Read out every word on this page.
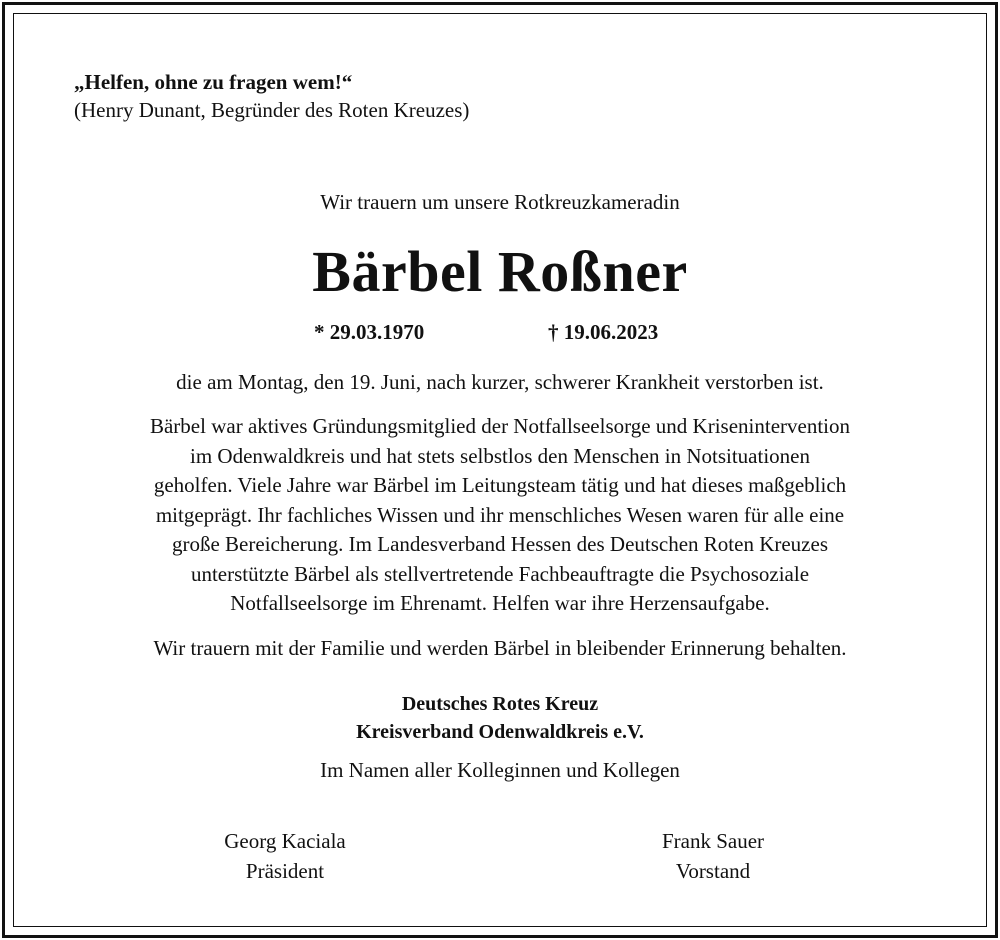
„Helfen, ohne zu fragen wem!“
(Henry Dunant, Begründer des Roten Kreuzes)
Wir trauern um unsere Rotkreuzkameradin
Bärbel Roßner
* 29.03.1970	† 19.06.2023
die am Montag, den 19. Juni, nach kurzer, schwerer Krankheit verstorben ist.
Bärbel war aktives Gründungsmitglied der Notfallseelsorge und Krisenintervention
im Odenwaldkreis und hat stets selbstlos den Menschen in Notsituationen
geholfen. Viele Jahre war Bärbel im Leitungsteam tätig und hat dieses maßgeblich
mitgeprägt. Ihr fachliches Wissen und ihr menschliches Wesen waren für alle eine
große Bereicherung. Im Landesverband Hessen des Deutschen Roten Kreuzes
unterstützte Bärbel als stellvertretende Fachbeauftragte die Psychosoziale
Notfallseelsorge im Ehrenamt. Helfen war ihre Herzensaufgabe.
Wir trauern mit der Familie und werden Bärbel in bleibender Erinnerung behalten.
Deutsches Rotes Kreuz
Kreisverband Odenwaldkreis e.V.
Im Namen aller Kolleginnen und Kollegen
Georg Kaciala
Präsident
Frank Sauer
Vorstand
